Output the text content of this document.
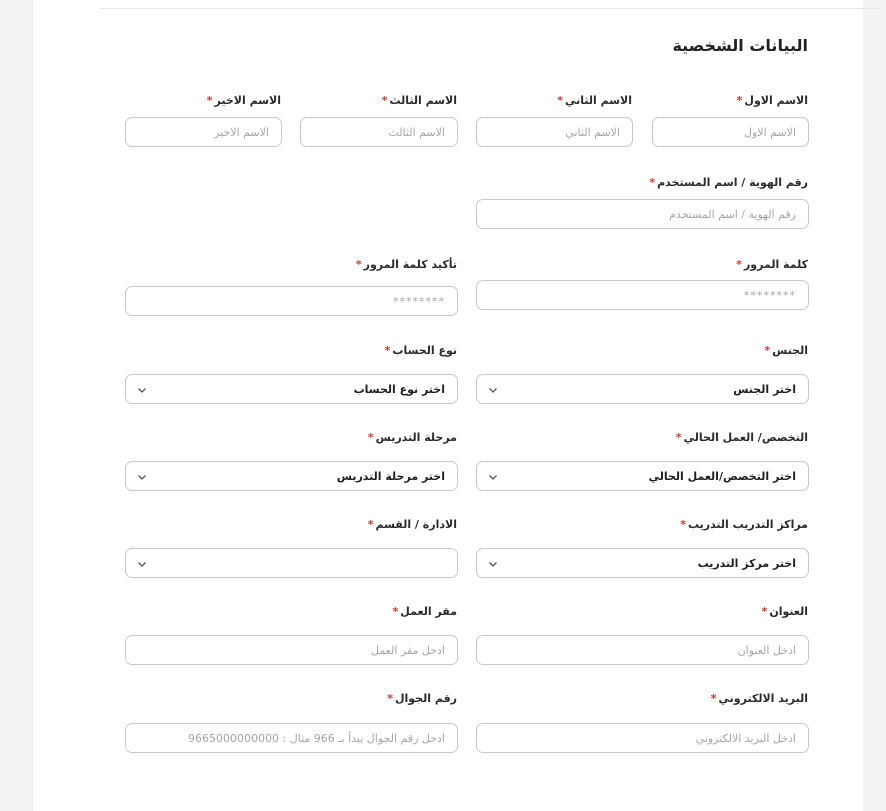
البيانات الشخصية
الاسم الاول*
الاسم الاول
الاسم الثاني*
الاسم الثاني
الاسم الثالث*
الاسم الثالث
الاسم الاخير*
الاسم الاخير
رقم الهوية / اسم المستخدم*
رقم الهوية / اسم المستخدم
كلمة المرور*
********
تأكيد كلمة المرور*
********
الجنس*
اختر الجنس
نوع الحساب*
اختر نوع الحساب
التخصص/ العمل الحالي*
اختر التخصص/العمل الحالي
مرحلة التدريس*
اختر مرحلة التدريس
مراكز التدريب التدريب*
اختر مركز التدريب
الادارة / القسم*
العنوان*
ادخل العنوان
مقر العمل*
ادخل مقر العمل
البريد الالكتروني*
ادخل البريد الالكتروني
رقم الجوال*
ادخل رقم الجوال يبدأ بـ 966 مثال : 9665000000000
